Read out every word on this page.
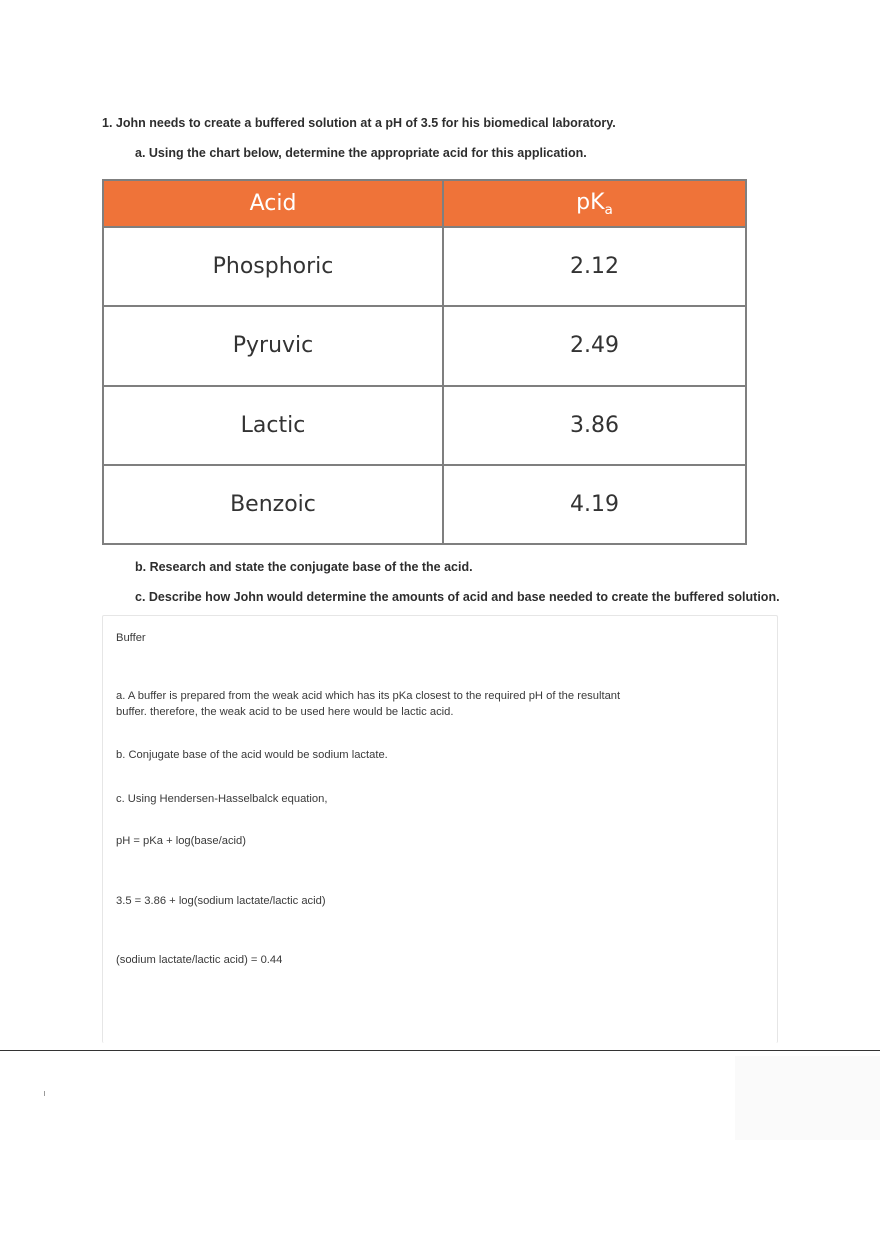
1. John needs to create a buffered solution at a pH of 3.5 for his biomedical laboratory.
a. Using the chart below, determine the appropriate acid for this application.
Acid	$pK_a$
Phosphoric	2.12
Pyruvic	2.49
Lactic	3.86
Benzoic	4.19
b. Research and state the conjugate base of the the acid.
c. Describe how John would determine the amounts of acid and base needed to create the buffered solution.
Buffer
a. A buffer is prepared from the weak acid which has its pKa closest to the required pH of the resultant
buffer. therefore, the weak acid to be used here would be lactic acid.
b. Conjugate base of the acid would be sodium lactate.
c. Using Hendersen-Hasselbalck equation,
pH = pKa + log(base/acid)
3.5 = 3.86 + log(sodium lactate/lactic acid)
(sodium lactate/lactic acid) = 0.44
